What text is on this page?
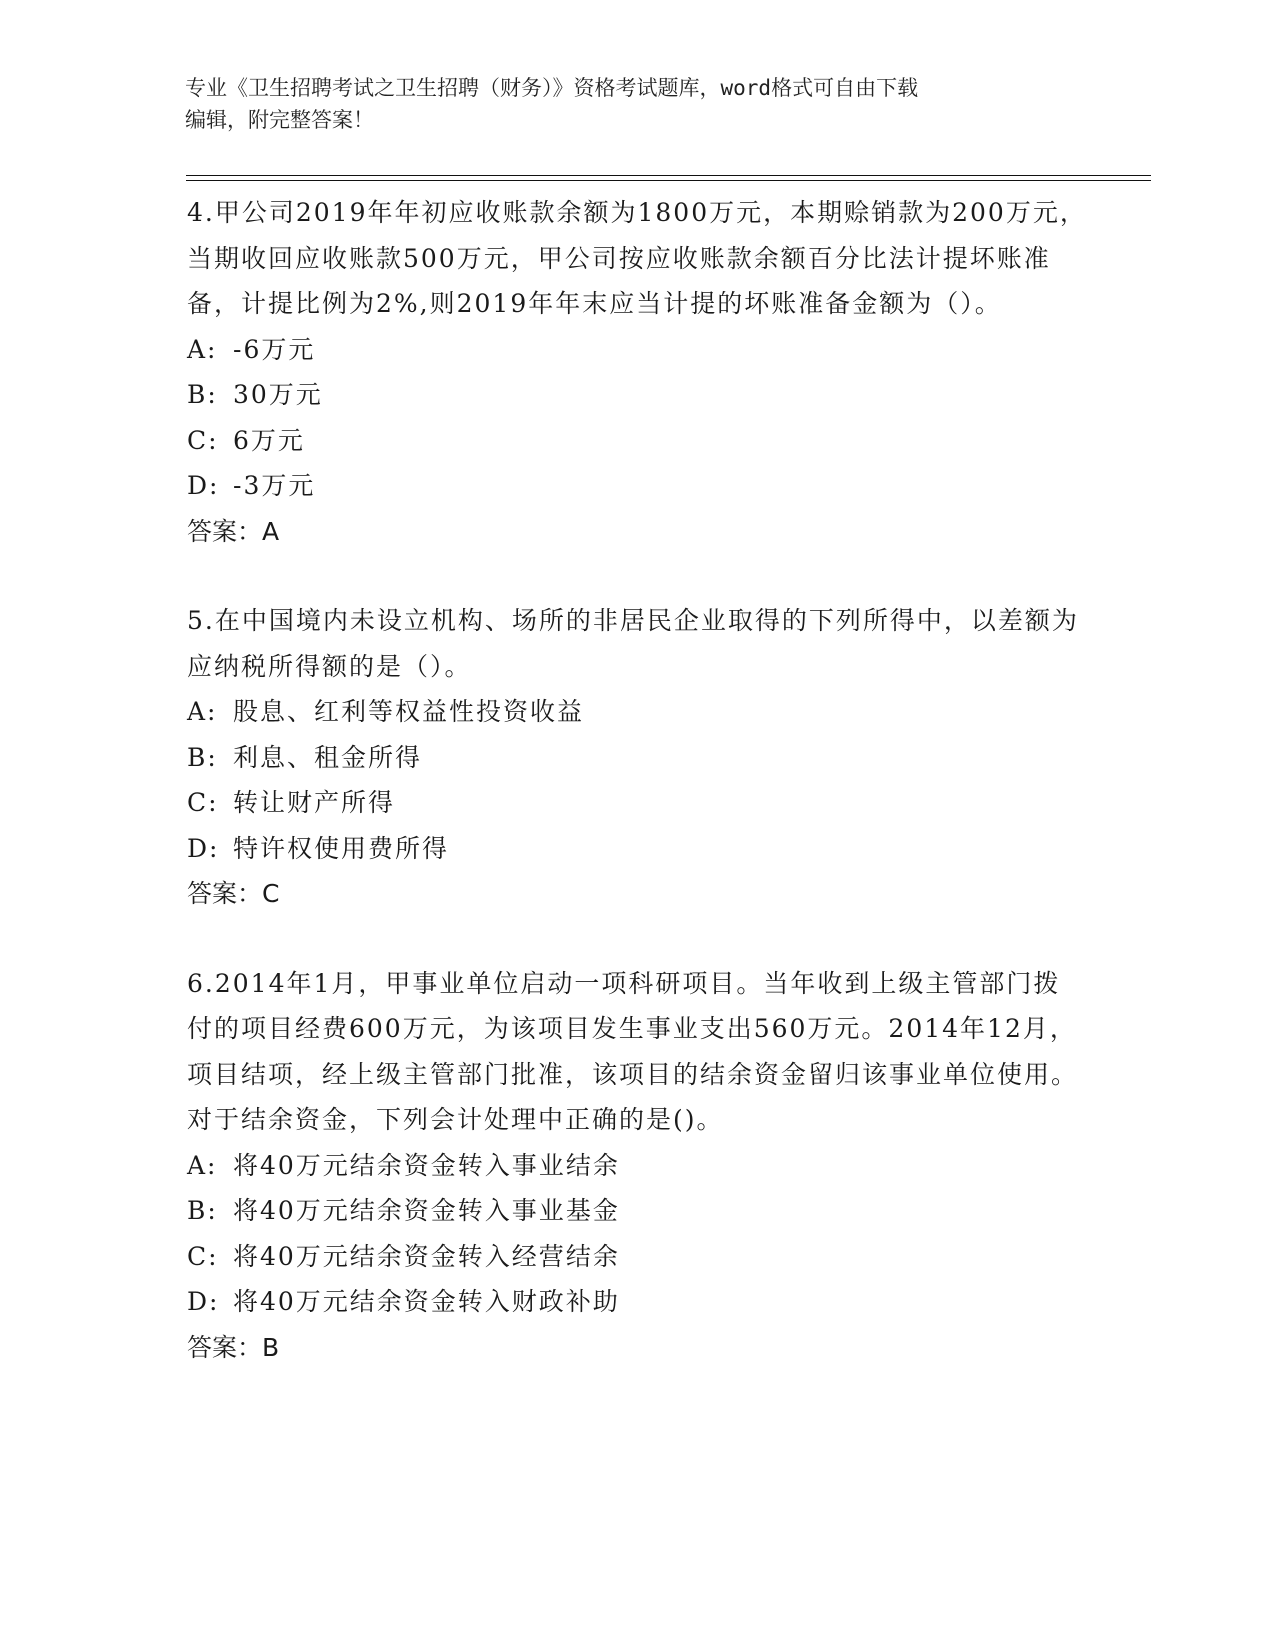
专业《卫生招聘考试之卫生招聘（财务）》资格考试题库，word格式可自由下载
编辑，附完整答案！

4.甲公司2019年年初应收账款余额为1800万元，本期赊销款为200万元，当期收回应收账款500万元，甲公司按应收账款余额百分比法计提坏账准备，计提比例为2%,则2019年年末应当计提的坏账准备金额为（）。

A: -6万元

B: 30万元

C: 6万元

D: -3万元

答案：A

5.在中国境内未设立机构、场所的非居民企业取得的下列所得中，以差额为应纳税所得额的是（）。

A: 股息、红利等权益性投资收益

B: 利息、租金所得

C: 转让财产所得

D: 特许权使用费所得

答案：C

6.2014年1月，甲事业单位启动一项科研项目。当年收到上级主管部门拨付的项目经费600万元，为该项目发生事业支出560万元。2014年12月，项目结项，经上级主管部门批准，该项目的结余资金留归该事业单位使用。对于结余资金，下列会计处理中正确的是()。

A: 将40万元结余资金转入事业结余

B: 将40万元结余资金转入事业基金

C: 将40万元结余资金转入经营结余

D: 将40万元结余资金转入财政补助

答案：B
